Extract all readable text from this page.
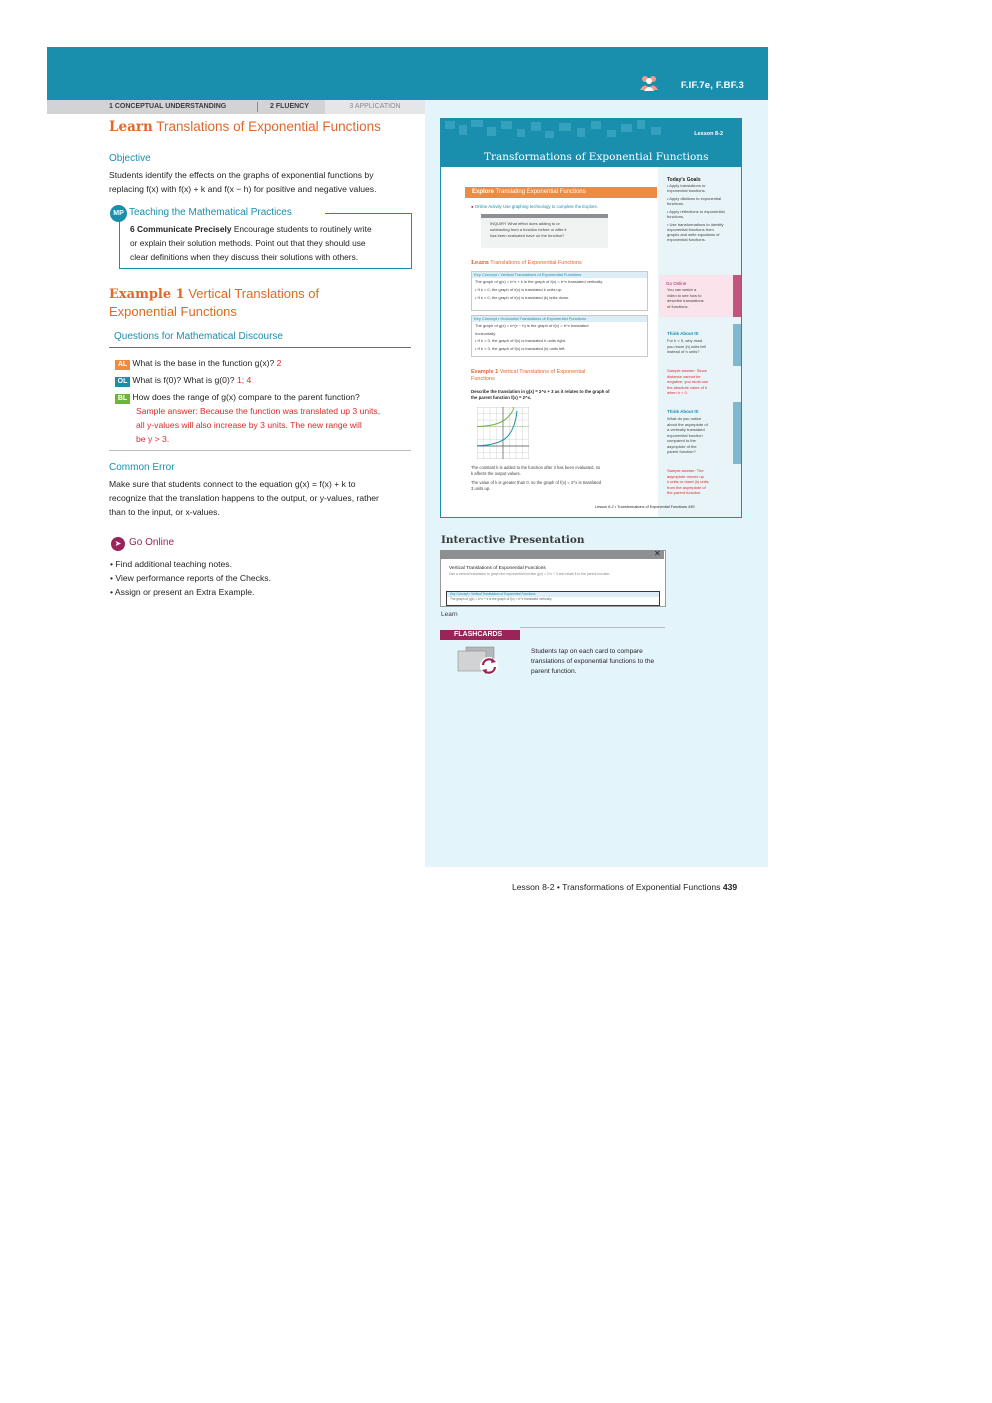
F.IF.7e, F.BF.3
1 CONCEPTUAL UNDERSTANDING	2 FLUENCY	3 APPLICATION
Learn Translations of Exponential Functions
Objective
Students identify the effects on the graphs of exponential functions by
replacing f(x) with f(x) + k and f(x − h) for positive and negative values.
MP Teaching the Mathematical Practices
6 Communicate Precisely Encourage students to routinely write
or explain their solution methods. Point out that they should use
clear definitions when they discuss their solutions with others.
Example 1 Vertical Translations of
Exponential Functions
Questions for Mathematical Discourse
AL What is the base in the function g(x)? 2
OL What is f(0)? What is g(0)? 1; 4
BL How does the range of g(x) compare to the parent function?
Sample answer: Because the function was translated up 3 units,
all y-values will also increase by 3 units. The new range will
be y > 3.
Common Error
Make sure that students connect to the equation g(x) = f(x) + k to
recognize that the translation happens to the output, or y-values, rather
than to the input, or x-values.
➤ Go Online
• Find additional teaching notes.
• View performance reports of the Checks.
• Assign or present an Extra Example.
Lesson 8-2
Transformations of Exponential Functions
Today's Goals
• Apply translations to exponential functions.
• Apply dilations to exponential functions.
• Apply reflections to exponential functions.
• Use transformations to identify exponential functions from graphs and write equations of exponential functions.
Go Online
You can watch a
video to see how to
describe translations
of functions.
Think About It!
For h < 0, why must
you move |h| units left
instead of h units?
Sample answer: Since
distance cannot be
negative, you must use
the absolute value of h
when h < 0.
Think About It!
What do you notice
about the asymptote of
a vertically translated
exponential function
compared to the
asymptote of the
parent function?
Sample answer: The
asymptote moves up
k units or down |k| units
from the asymptote of
the parent function.
Explore Translating Exponential Functions
● Online Activity Use graphing technology to complete the Explore.
INQUIRY What effect does adding to or
subtracting from a function before or after it
has been evaluated have on the function?
Learn Translations of Exponential Functions
Key Concept • Vertical Translations of Exponential Functions
The graph of g(x) = b^x + k is the graph of f(x) = b^x translated vertically.
• If k > 0, the graph of f(x) is translated k units up.
• If k < 0, the graph of f(x) is translated |k| units down.
Key Concept • Horizontal Translations of Exponential Functions
The graph of g(x) = b^(x − h) is the graph of f(x) = b^x translated
horizontally.
• If h > 0, the graph of f(x) is translated h units right.
• If h < 0, the graph of f(x) is translated |h| units left.
Example 1 Vertical Translations of Exponential
Functions
Describe the translation in g(x) = 2^x + 3 as it relates to the graph of
the parent function f(x) = 2^x.
The constant k is added to the function after it has been evaluated, so
k affects the output values.
The value of k is greater than 0, so the graph of f(x) = 2^x is translated
3 units up.
Lesson 8-2 • Transformations of Exponential Functions 439
Interactive Presentation
Vertical Translations of Exponential Functions
Use a vertical translation to graph the exponential function g(x) = 2^x + 3 and relate it to the parent function.
Key Concept • Vertical Translations of Exponential Functions
The graph of g(x) = b^x + k is the graph of f(x) = b^x translated vertically.
✕
Learn
FLASHCARDS
Students tap on each card to compare
translations of exponential functions to the
parent function.
Lesson 8-2 • Transformations of Exponential Functions 439
